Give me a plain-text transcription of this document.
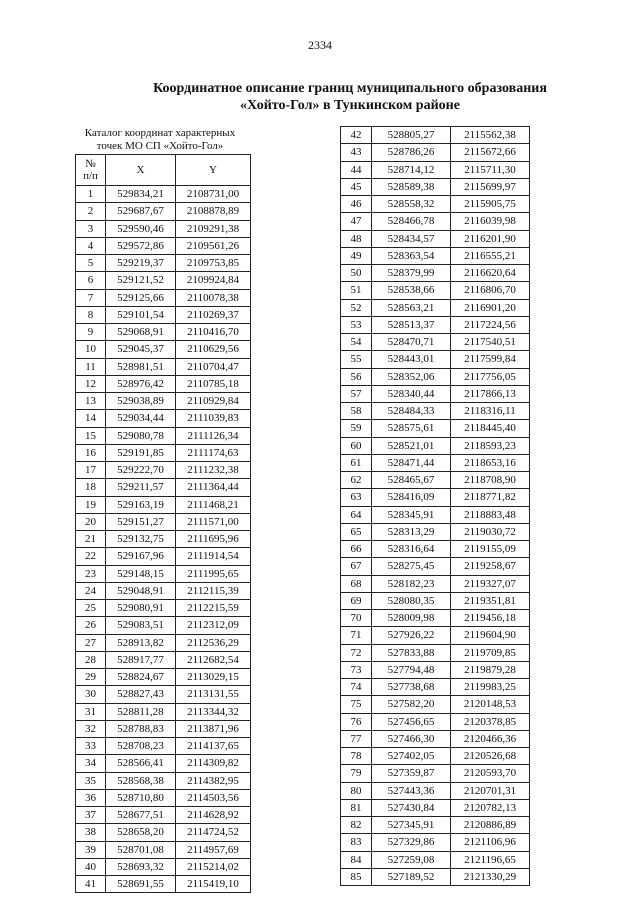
2334
Координатное описание границ муниципального образования
«Хойто-Гол» в Тункинском районе
Каталог координат характерных точек МО СП «Хойто-Гол»
№
п/п	X	Y
1	529834,21	2108731,00
2	529687,67	2108878,89
3	529590,46	2109291,38
4	529572,86	2109561,26
5	529219,37	2109753,85
6	529121,52	2109924,84
7	529125,66	2110078,38
8	529101,54	2110269,37
9	529068,91	2110416,70
10	529045,37	2110629,56
11	528981,51	2110704,47
12	528976,42	2110785,18
13	529038,89	2110929,84
14	529034,44	2111039,83
15	529080,78	2111126,34
16	529191,85	2111174,63
17	529222,70	2111232,38
18	529211,57	2111364,44
19	529163,19	2111468,21
20	529151,27	2111571,00
21	529132,75	2111695,96
22	529167,96	2111914,54
23	529148,15	2111995,65
24	529048,91	2112115,39
25	529080,91	2112215,59
26	529083,51	2112312,09
27	528913,82	2112536,29
28	528917,77	2112682,54
29	528824,67	2113029,15
30	528827,43	2113131,55
31	528811,28	2113344,32
32	528788,83	2113871,96
33	528708,23	2114137,65
34	528566,41	2114309,82
35	528568,38	2114382,95
36	528710,80	2114503,56
37	528677,51	2114628,92
38	528658,20	2114724,52
39	528701,08	2114957,69
40	528693,32	2115214,02
41	528691,55	2115419,10
42	528805,27	2115562,38
43	528786,26	2115672,66
44	528714,12	2115711,30
45	528589,38	2115699,97
46	528558,32	2115905,75
47	528466,78	2116039,98
48	528434,57	2116201,90
49	528363,54	2116555,21
50	528379,99	2116620,64
51	528538,66	2116806,70
52	528563,21	2116901,20
53	528513,37	2117224,56
54	528470,71	2117540,51
55	528443,01	2117599,84
56	528352,06	2117756,05
57	528340,44	2117866,13
58	528484,33	2118316,11
59	528575,61	2118445,40
60	528521,01	2118593,23
61	528471,44	2118653,16
62	528465,67	2118708,90
63	528416,09	2118771,82
64	528345,91	2118883,48
65	528313,29	2119030,72
66	528316,64	2119155,09
67	528275,45	2119258,67
68	528182,23	2119327,07
69	528080,35	2119351,81
70	528009,98	2119456,18
71	527926,22	2119604,90
72	527833,88	2119709,85
73	527794,48	2119879,28
74	527738,68	2119983,25
75	527582,20	2120148,53
76	527456,65	2120378,85
77	527466,30	2120466,36
78	527402,05	2120526,68
79	527359,87	2120593,70
80	527443,36	2120701,31
81	527430,84	2120782,13
82	527345,91	2120886,89
83	527329,86	2121106,96
84	527259,08	2121196,65
85	527189,52	2121330,29
